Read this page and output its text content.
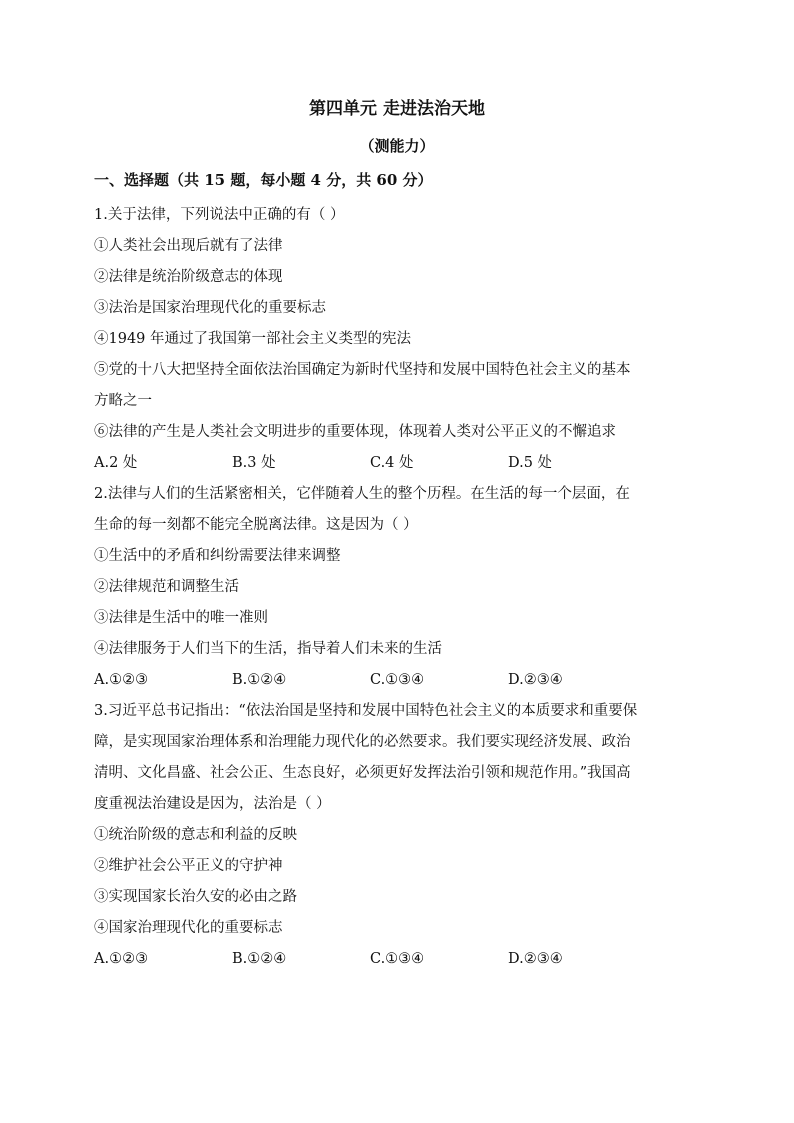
第四单元 走进法治天地
（测能力）
一、选择题（共 15 题，每小题 4 分，共 60 分）
1.关于法律，下列说法中正确的有（ ）
①人类社会出现后就有了法律
②法律是统治阶级意志的体现
③法治是国家治理现代化的重要标志
④1949 年通过了我国第一部社会主义类型的宪法
⑤党的十八大把坚持全面依法治国确定为新时代坚持和发展中国特色社会主义的基本
方略之一
⑥法律的产生是人类社会文明进步的重要体现，体现着人类对公平正义的不懈追求
A.2 处	B.3 处	C.4 处	D.5 处
2.法律与人们的生活紧密相关，它伴随着人生的整个历程。在生活的每一个层面，在
生命的每一刻都不能完全脱离法律。这是因为（ ）
①生活中的矛盾和纠纷需要法律来调整
②法律规范和调整生活
③法律是生活中的唯一准则
④法律服务于人们当下的生活，指导着人们未来的生活
A.①②③	B.①②④	C.①③④	D.②③④
3.习近平总书记指出：“依法治国是坚持和发展中国特色社会主义的本质要求和重要保
障，是实现国家治理体系和治理能力现代化的必然要求。我们要实现经济发展、政治
清明、文化昌盛、社会公正、生态良好，必须更好发挥法治引领和规范作用。”我国高
度重视法治建设是因为，法治是（ ）
①统治阶级的意志和利益的反映
②维护社会公平正义的守护神
③实现国家长治久安的必由之路
④国家治理现代化的重要标志
A.①②③	B.①②④	C.①③④	D.②③④
